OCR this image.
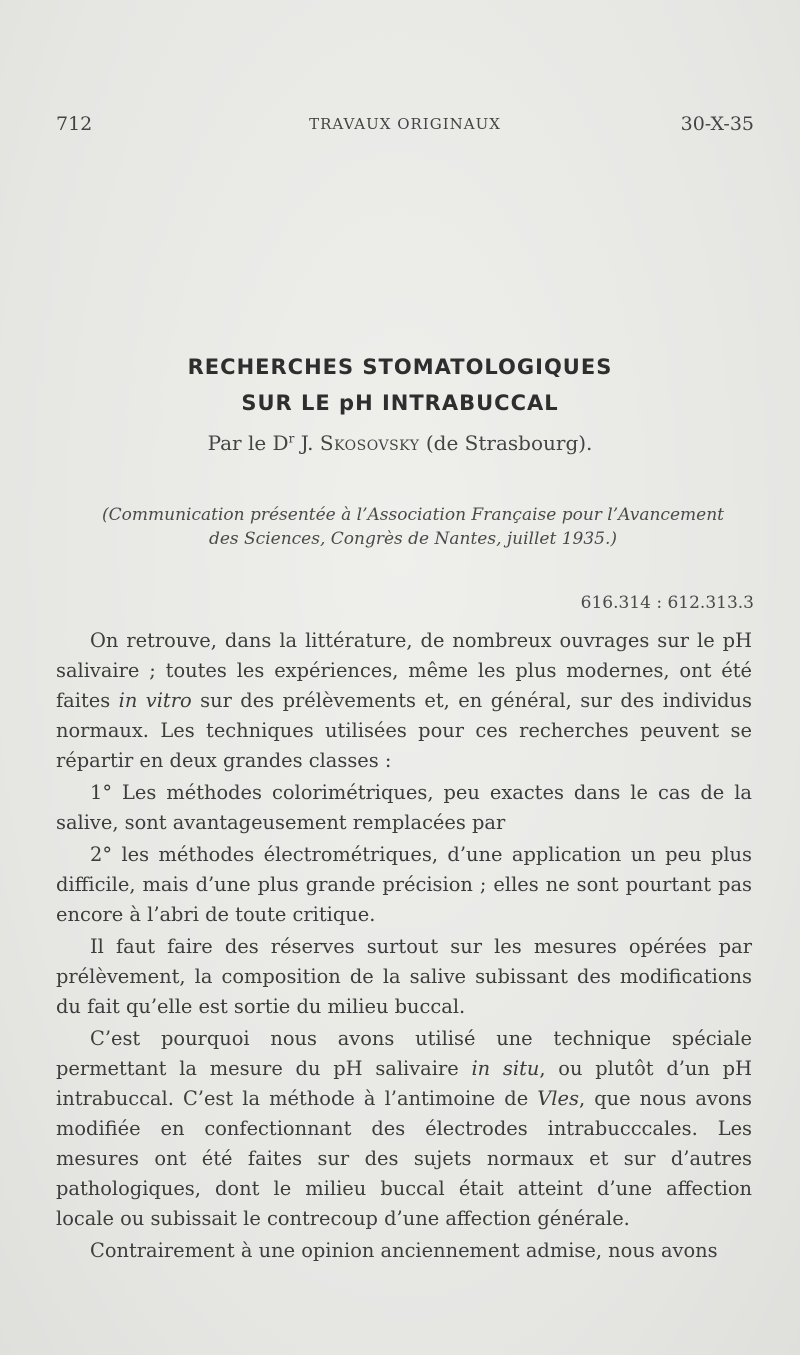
712	TRAVAUX ORIGINAUX	30-X-35
RECHERCHES STOMATOLOGIQUES
SUR LE pH INTRABUCCAL
Par le $D^r$ J. Skosovsky (de Strasbourg).
(Communication présentée à l’Association Française pour l’Avancement
des Sciences, Congrès de Nantes, juillet 1935.)
616.314 : 612.313.3

On retrouve, dans la littérature, de nombreux ouvrages sur le pH salivaire ; toutes les expériences, même les plus modernes, ont été faites in vitro sur des prélèvements et, en général, sur des individus normaux. Les techniques utilisées pour ces recherches peuvent se répartir en deux grandes classes :

1° Les méthodes colorimétriques, peu exactes dans le cas de la salive, sont avantageusement remplacées par

2° les méthodes électrométriques, d’une application un peu plus difficile, mais d’une plus grande précision ; elles ne sont pourtant pas encore à l’abri de toute critique.

Il faut faire des réserves surtout sur les mesures opérées par prélèvement, la composition de la salive subissant des modifications du fait qu’elle est sortie du milieu buccal.

C’est pourquoi nous avons utilisé une technique spéciale permettant la mesure du pH salivaire in situ, ou plutôt d’un pH intrabuccal. C’est la méthode à l’antimoine de Vles, que nous avons modifiée en confectionnant des électrodes intrabucccales. Les mesures ont été faites sur des sujets normaux et sur d’autres pathologiques, dont le milieu buccal était atteint d’une affection locale ou subissait le contrecoup d’une affection générale.

Contrairement à une opinion anciennement admise, nous avons
